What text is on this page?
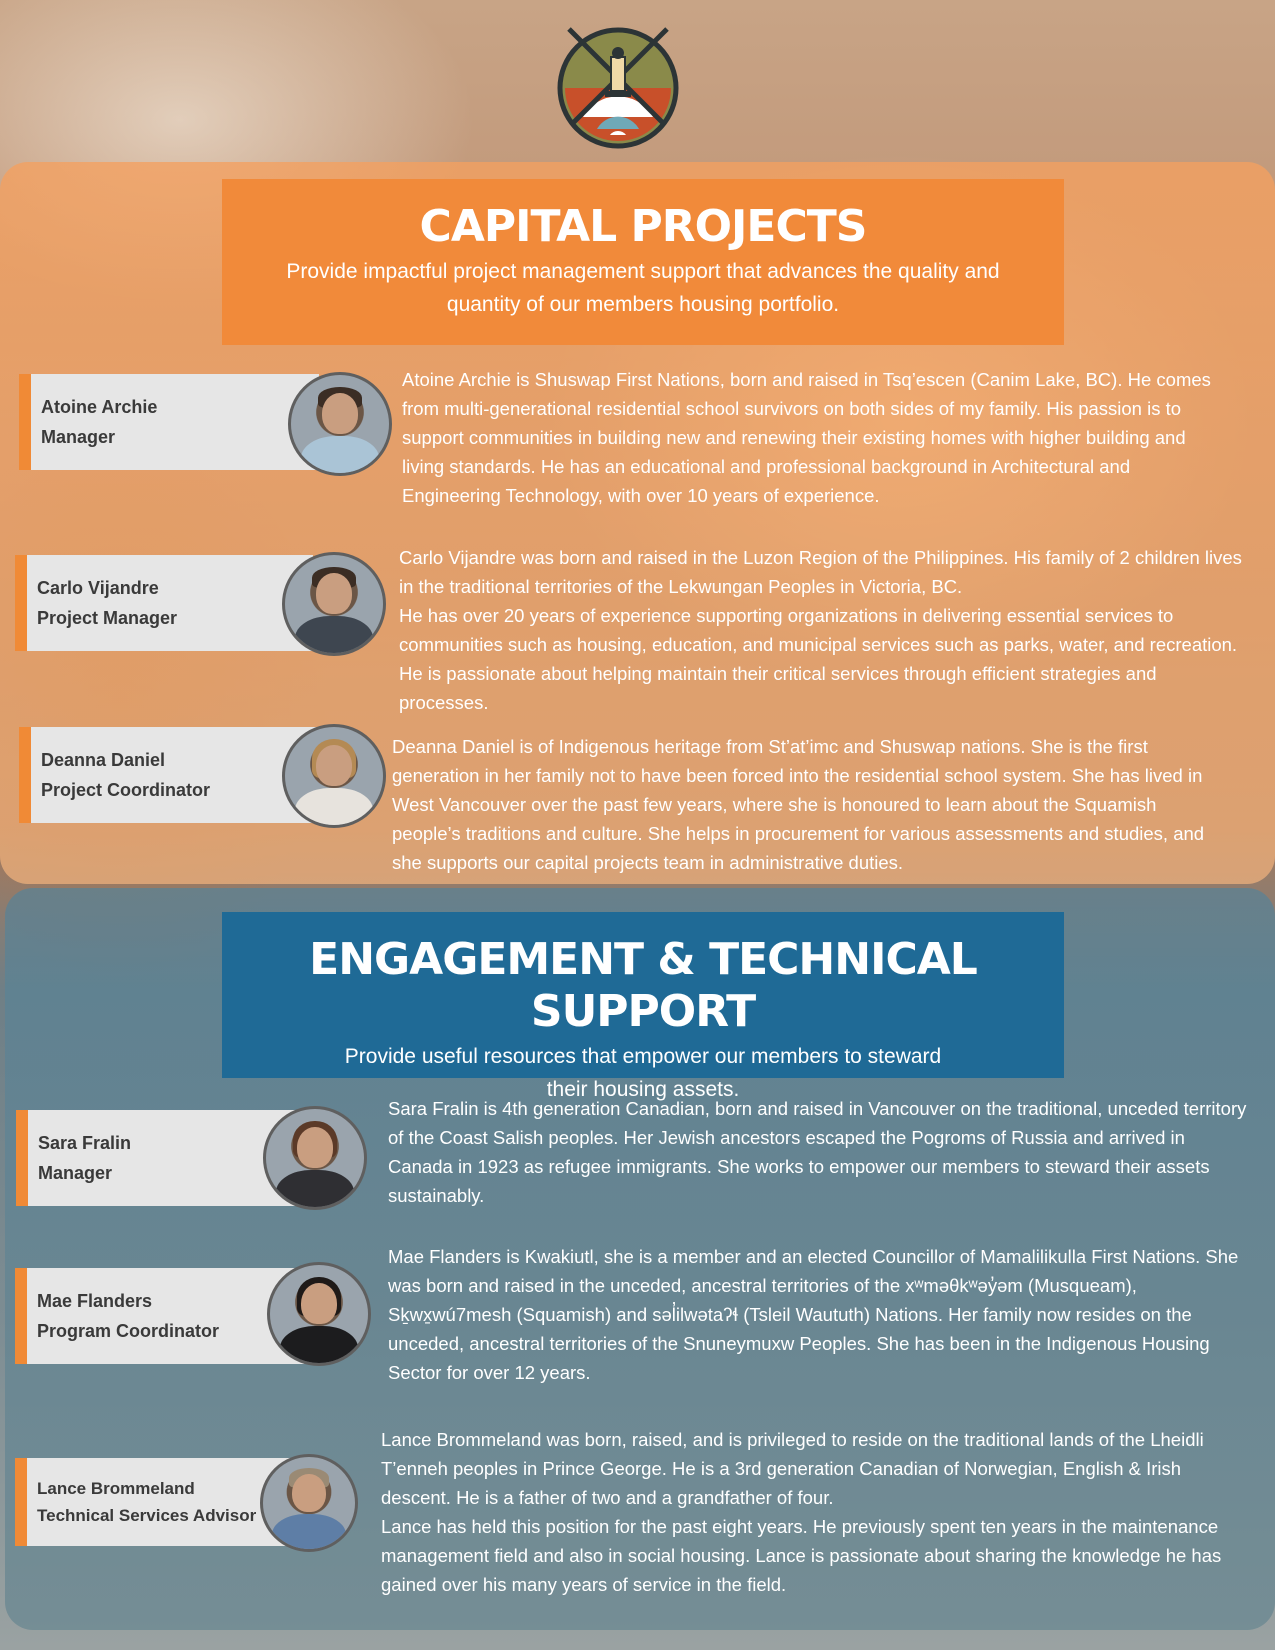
CAPITAL PROJECTS

Provide impactful project management support that advances the quality and quantity of our members housing portfolio.

Atoine Archie
Manager

Atoine Archie is Shuswap First Nations, born and raised in Tsq’escen (Canim Lake, BC). He comes from multi-generational residential school survivors on both sides of my family. His passion is to support communities in building new and renewing their existing homes with higher building and living standards. He has an educational and professional background in Architectural and Engineering Technology, with over 10 years of experience.

Carlo Vijandre
Project Manager

Carlo Vijandre was born and raised in the Luzon Region of the Philippines. His family of 2 children lives in the traditional territories of the Lekwungan Peoples in Victoria, BC.
He has over 20 years of experience supporting organizations in delivering essential services to communities such as housing, education, and municipal services such as parks, water, and recreation. He is passionate about helping maintain their critical services through efficient strategies and processes.

Deanna Daniel
Project Coordinator

Deanna Daniel is of Indigenous heritage from St’at’imc and Shuswap nations. She is the first generation in her family not to have been forced into the residential school system. She has lived in West Vancouver over the past few years, where she is honoured to learn about the Squamish people’s traditions and culture. She helps in procurement for various assessments and studies, and she supports our capital projects team in administrative duties.

ENGAGEMENT & TECHNICAL SUPPORT

Provide useful resources that empower our members to steward their housing assets.

Sara Fralin
Manager

Sara Fralin is 4th generation Canadian, born and raised in Vancouver on the traditional, unceded territory of the Coast Salish peoples. Her Jewish ancestors escaped the Pogroms of Russia and arrived in Canada in 1923 as refugee immigrants. She works to empower our members to steward their assets sustainably.

Mae Flanders
Program Coordinator

Mae Flanders is Kwakiutl, she is a member and an elected Councillor of Mamalilikulla First Nations. She was born and raised in the unceded, ancestral territories of the xʷməθkʷəy̓əm (Musqueam), Sḵwx̱wú7mesh (Squamish) and səl̓ilwətaʔɬ (Tsleil Waututh) Nations. Her family now resides on the unceded, ancestral territories of the Snuneymuxw Peoples. She has been in the Indigenous Housing Sector for over 12 years.

Lance Brommeland
Technical Services Advisor

Lance Brommeland was born, raised, and is privileged to reside on the traditional lands of the Lheidli T’enneh peoples in Prince George. He is a 3rd generation Canadian of Norwegian, English & Irish descent. He is a father of two and a grandfather of four.
Lance has held this position for the past eight years. He previously spent ten years in the maintenance management field and also in social housing. Lance is passionate about sharing the knowledge he has gained over his many years of service in the field.
